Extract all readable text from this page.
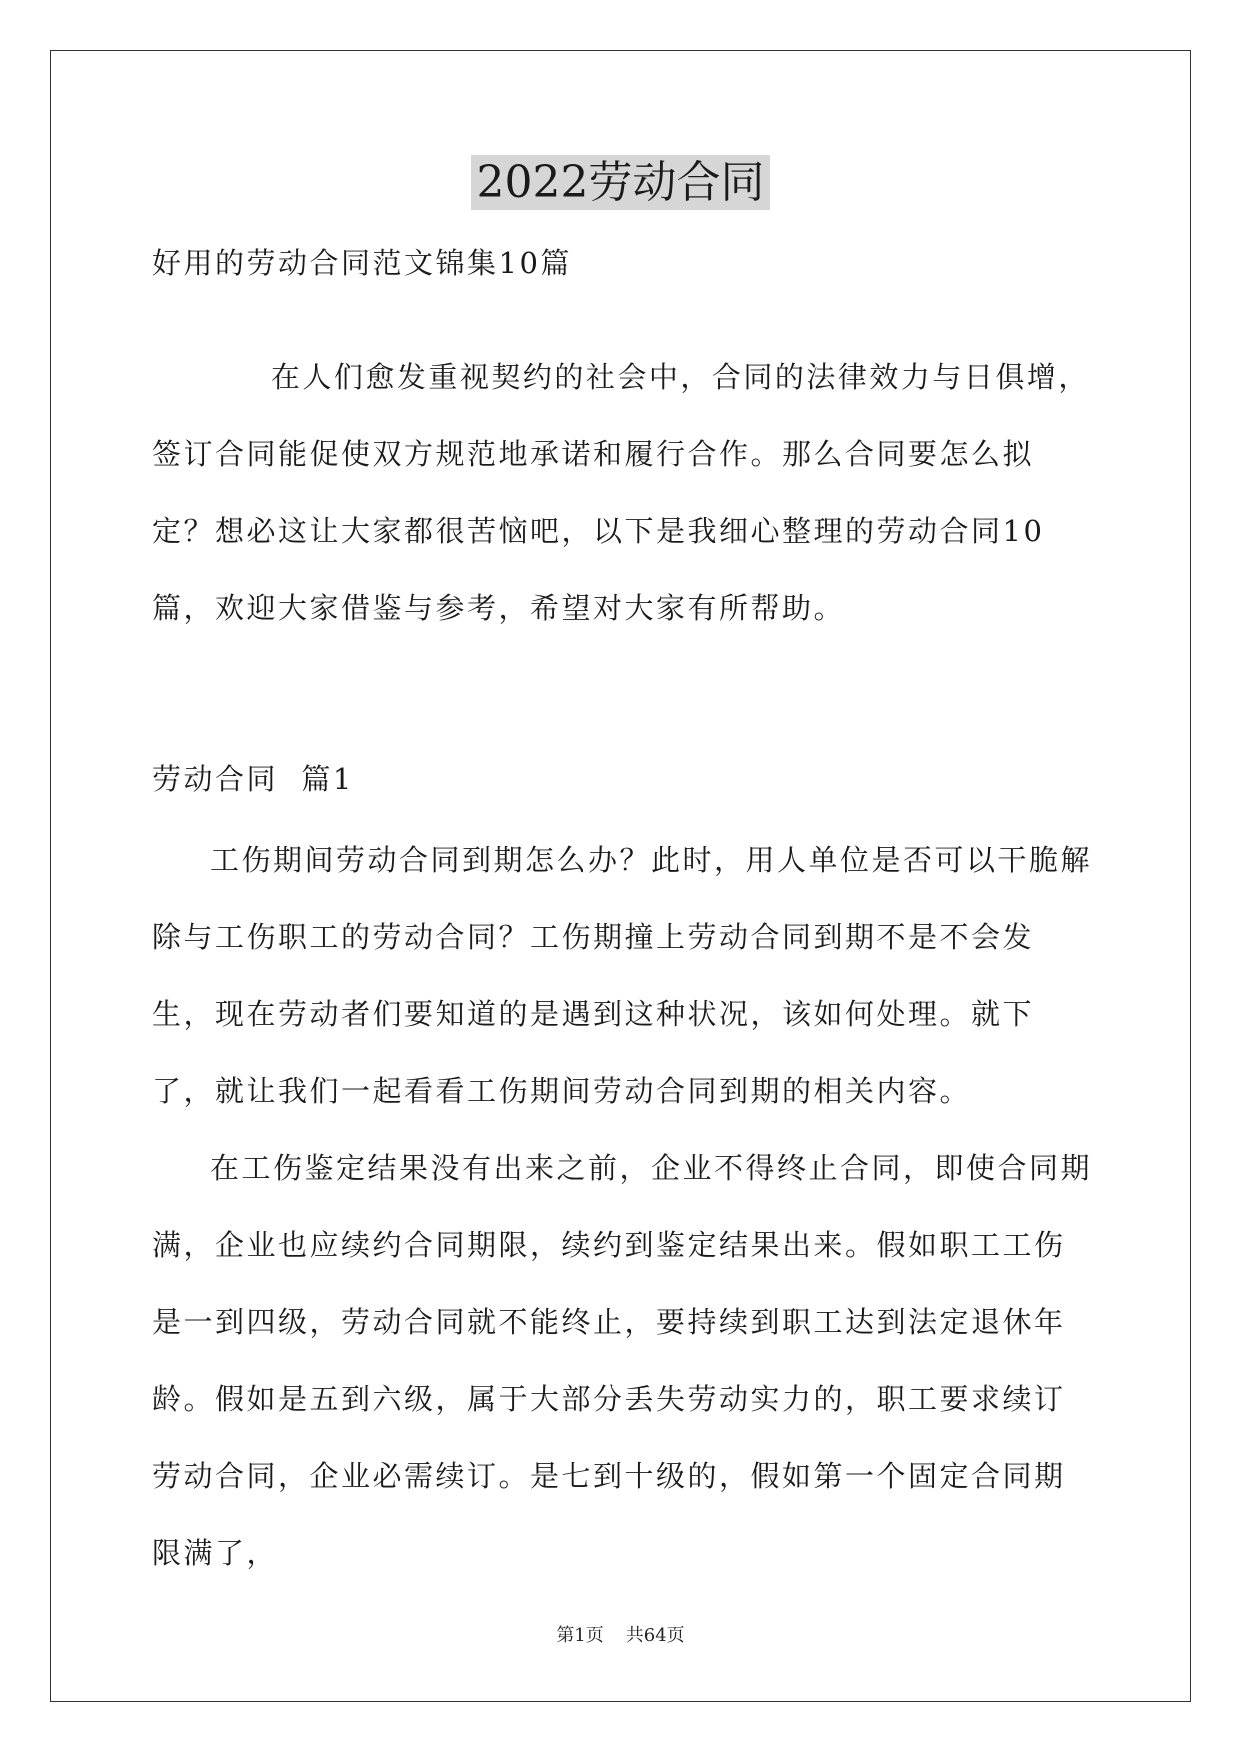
2022劳动合同

好用的劳动合同范文锦集10篇

在人们愈发重视契约的社会中，合同的法律效力与日俱增，签订合同能促使双方规范地承诺和履行合作。那么合同要怎么拟定？想必这让大家都很苦恼吧，以下是我细心整理的劳动合同10篇，欢迎大家借鉴与参考，希望对大家有所帮助。

劳动合同  篇1

工伤期间劳动合同到期怎么办？此时，用人单位是否可以干脆解除与工伤职工的劳动合同？工伤期撞上劳动合同到期不是不会发生，现在劳动者们要知道的是遇到这种状况，该如何处理。就下了，就让我们一起看看工伤期间劳动合同到期的相关内容。

在工伤鉴定结果没有出来之前，企业不得终止合同，即使合同期满，企业也应续约合同期限，续约到鉴定结果出来。假如职工工伤是一到四级，劳动合同就不能终止，要持续到职工达到法定退休年龄。假如是五到六级，属于大部分丢失劳动实力的，职工要求续订劳动合同，企业必需续订。是七到十级的，假如第一个固定合同期限满了，

第1页 共64页
